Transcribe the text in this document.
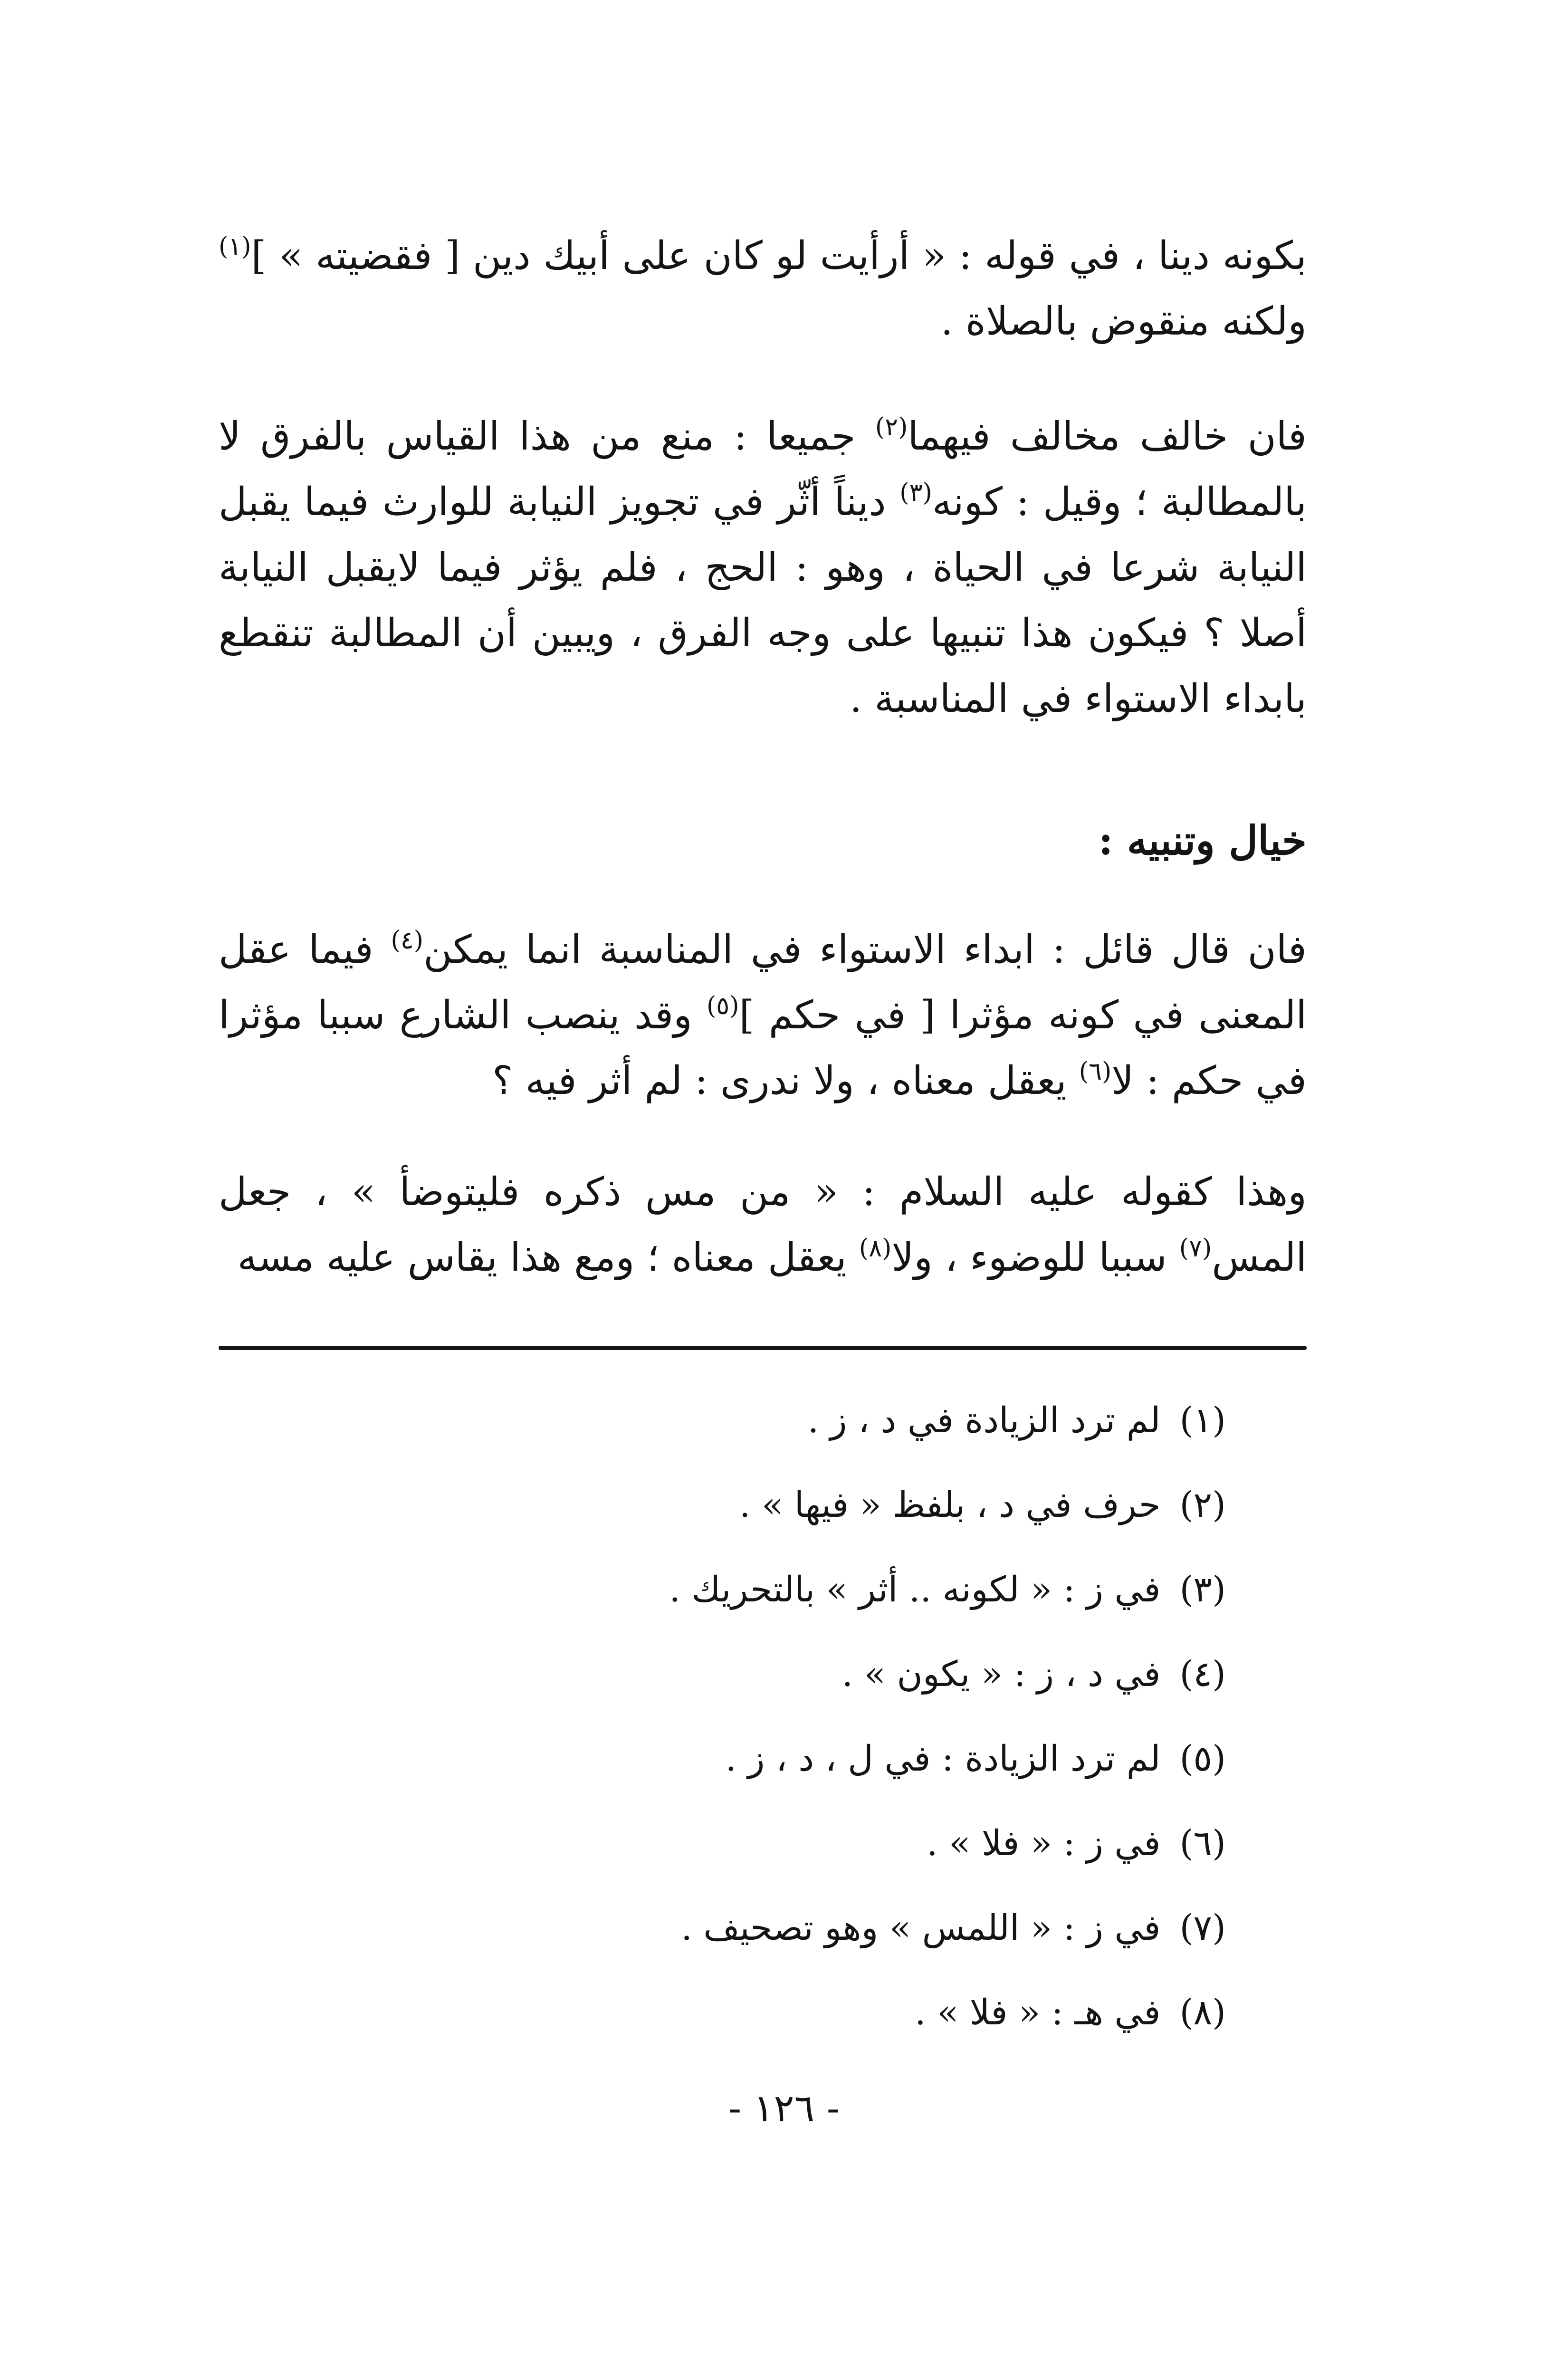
بكونه دينا ، في قوله : « أرأيت لو كان على أبيك دين [ فقضيته » ]$^{(١)}$ ولكنه منقوض بالصلاة .

فان خالف مخالف فيهما$^{(٢)}$ جميعا : منع من هذا القياس بالفرق لا بالمطالبة ؛ وقيل : كونه$^{(٣)}$ ديناً أثّر في تجويز النيابة للوارث فيما يقبل النيابة شرعا في الحياة ، وهو : الحج ، فلم يؤثر فيما لايقبل النيابة أصلا ؟ فيكون هذا تنبيها على وجه الفرق ، ويبين أن المطالبة تنقطع بابداء الاستواء في المناسبة .

خيال وتنبيه :

فان قال قائل : ابداء الاستواء في المناسبة انما يمكن$^{(٤)}$ فيما عقل المعنى في كونه مؤثرا [ في حكم ]$^{(٥)}$ وقد ينصب الشارع سببا مؤثرا في حكم : لا$^{(٦)}$ يعقل معناه ، ولا ندرى : لم أثر فيه ؟

وهذا كقوله عليه السلام : « من مس ذكره فليتوضأ » ، جعل المس$^{(٧)}$ سببا للوضوء ، ولا$^{(٨)}$ يعقل معناه ؛ ومع هذا يقاس عليه مسه

(١)لم ترد الزيادة في د ، ز .
(٢)حرف في د ، بلفظ « فيها » .
(٣)في ز : « لكونه .. أثر » بالتحريك .
(٤)في د ، ز : « يكون » .
(٥)لم ترد الزيادة : في ل ، د ، ز .
(٦)في ز : « فلا » .
(٧)في ز : « اللمس » وهو تصحيف .
(٨)في هـ : « فلا » .
- ١٢٦ -
